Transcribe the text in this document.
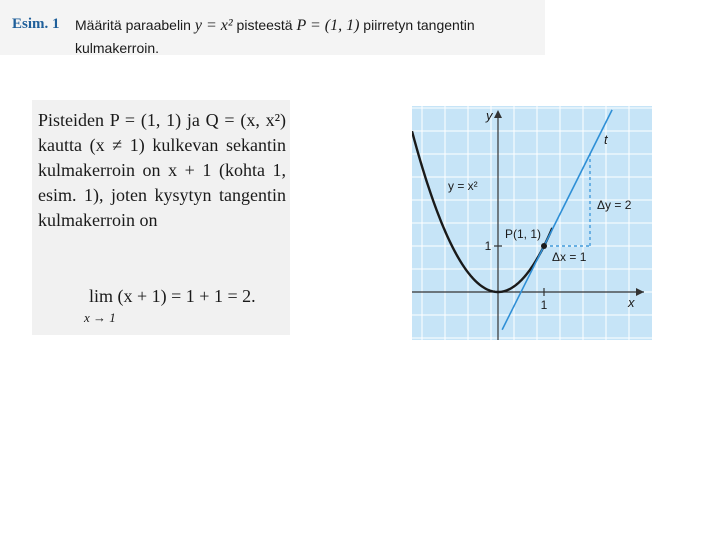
Esim. 1 Määritä paraabelin y = x² pisteestä P = (1, 1) piirretyn tangentin
kulmakerroin.
Pisteiden P = (1, 1) ja Q = (x, x²) kautta (x ≠ 1) kulkevan sekantin kulmakerroin on x + 1 (kohta 1, esim. 1), joten kysytyn tangentin kulmakerroin on
lim (x + 1) = 1 + 1 = 2.
x → 1
1
1
y
x
y = x²
t
P(1, 1)
Δx = 1
Δy = 2
